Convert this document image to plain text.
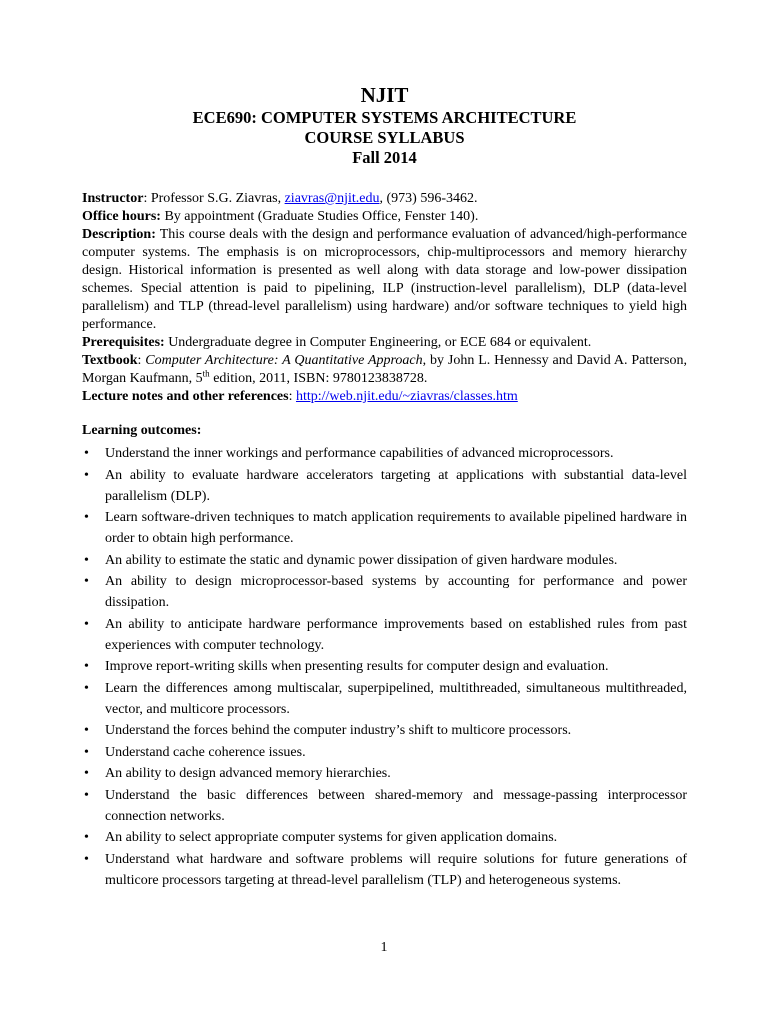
NJIT
ECE690: COMPUTER SYSTEMS ARCHITECTURE
COURSE SYLLABUS
Fall 2014

Instructor: Professor S.G. Ziavras, ziavras@njit.edu, (973) 596-3462.

Office hours: By appointment (Graduate Studies Office, Fenster 140).

Description: This course deals with the design and performance evaluation of advanced/high-performance computer systems. The emphasis is on microprocessors, chip-multiprocessors and memory hierarchy design. Historical information is presented as well along with data storage and low-power dissipation schemes. Special attention is paid to pipelining, ILP (instruction-level parallelism), DLP (data-level parallelism) and TLP (thread-level parallelism) using hardware) and/or software techniques to yield high performance.

Prerequisites: Undergraduate degree in Computer Engineering, or ECE 684 or equivalent.

Textbook: Computer Architecture: A Quantitative Approach, by John L. Hennessy and David A. Patterson, Morgan Kaufmann, 5th edition, 2011, ISBN: 9780123838728.

Lecture notes and other references: http://web.njit.edu/~ziavras/classes.htm

Learning outcomes:
• Understand the inner workings and performance capabilities of advanced microprocessors.
• An ability to evaluate hardware accelerators targeting at applications with substantial data-level parallelism (DLP).
• Learn software-driven techniques to match application requirements to available pipelined hardware in order to obtain high performance.
• An ability to estimate the static and dynamic power dissipation of given hardware modules.
• An ability to design microprocessor-based systems by accounting for performance and power dissipation.
• An ability to anticipate hardware performance improvements based on established rules from past experiences with computer technology.
• Improve report-writing skills when presenting results for computer design and evaluation.
• Learn the differences among multiscalar, superpipelined, multithreaded, simultaneous multithreaded, vector, and multicore processors.
• Understand the forces behind the computer industry’s shift to multicore processors.
• Understand cache coherence issues.
• An ability to design advanced memory hierarchies.
• Understand the basic differences between shared-memory and message-passing interprocessor connection networks.
• An ability to select appropriate computer systems for given application domains.
• Understand what hardware and software problems will require solutions for future generations of multicore processors targeting at thread-level parallelism (TLP) and heterogeneous systems.
1
